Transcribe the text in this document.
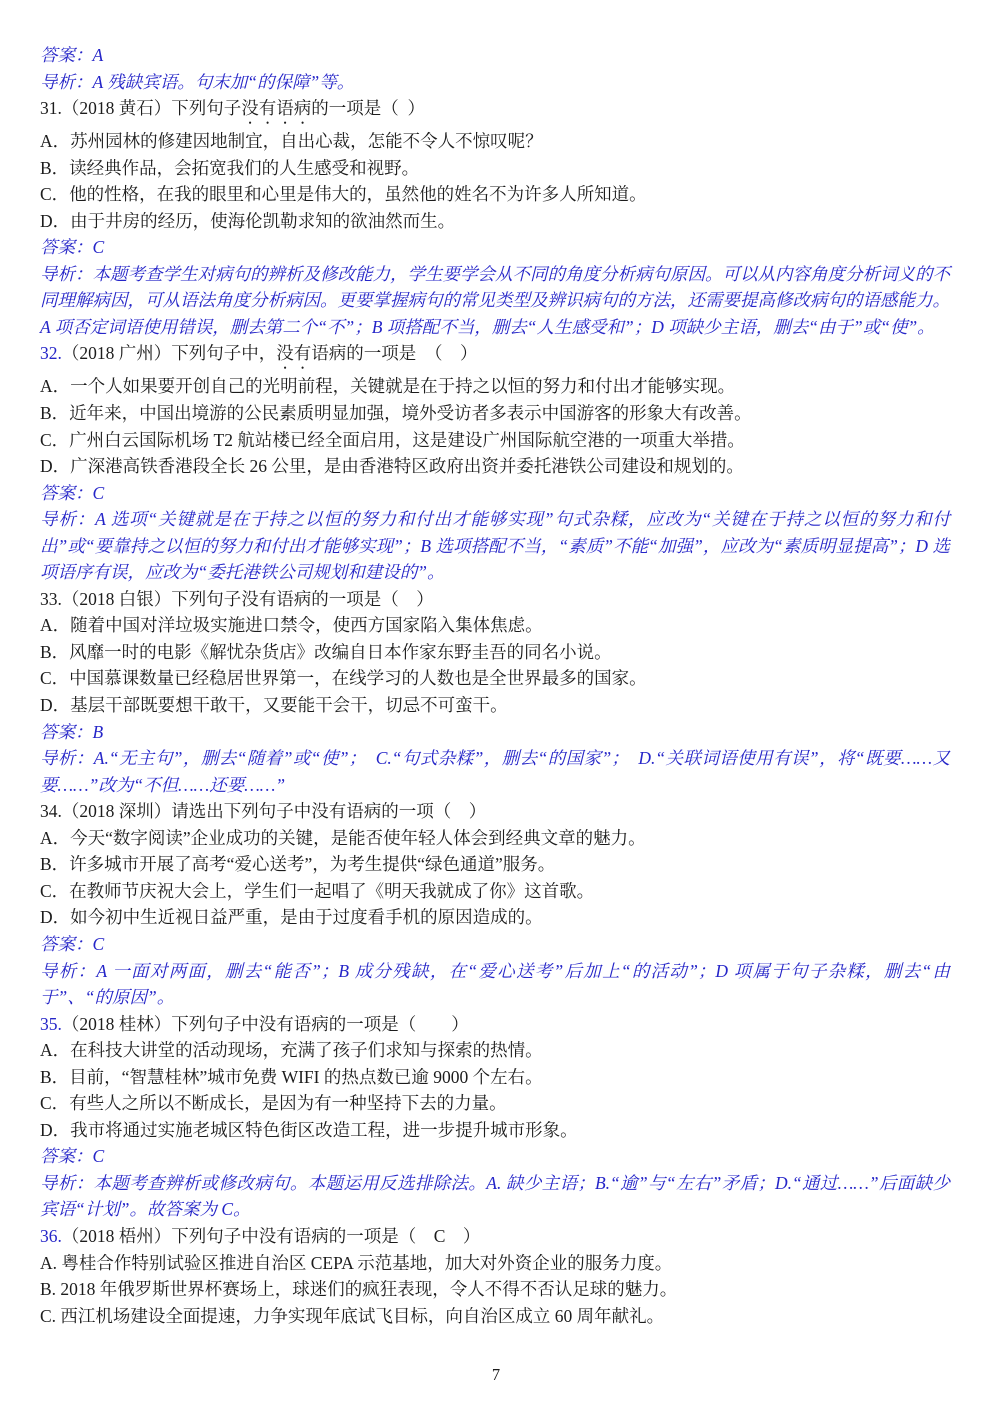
答案：A

导析：A 残缺宾语。句末加“的保障”等。

31.（2018 黄石）下列句子没有语病的一项是（  ）

A．苏州园林的修建因地制宜，自出心裁，怎能不令人不惊叹呢？

B．读经典作品，会拓宽我们的人生感受和视野。

C．他的性格，在我的眼里和心里是伟大的，虽然他的姓名不为许多人所知道。

D．由于井房的经历，使海伦凯勒求知的欲油然而生。

答案：C

导析：本题考查学生对病句的辨析及修改能力，学生要学会从不同的角度分析病句原因。可以从内容角度分析词义的不同理解病因，可从语法角度分析病因。更要掌握病句的常见类型及辨识病句的方法，还需要提高修改病句的语感能力。A 项否定词语使用错误，删去第二个“不”；B 项搭配不当，删去“人生感受和”；D 项缺少主语，删去“由于”或“使”。

32.（2018 广州）下列句子中，没有语病的一项是　（　）

A．一个人如果要开创自己的光明前程，关键就是在于持之以恒的努力和付出才能够实现。

B．近年来，中国出境游的公民素质明显加强，境外受访者多表示中国游客的形象大有改善。

C．广州白云国际机场 T2 航站楼已经全面启用，这是建设广州国际航空港的一项重大举措。

D．广深港高铁香港段全长 26 公里，是由香港特区政府出资并委托港铁公司建设和规划的。

答案：C

导析：A 选项“关键就是在于持之以恒的努力和付出才能够实现”句式杂糅，应改为“关键在于持之以恒的努力和付出”或“要靠持之以恒的努力和付出才能够实现”；B 选项搭配不当，“素质”不能“加强”，应改为“素质明显提高”；D 选项语序有误，应改为“委托港铁公司规划和建设的”。

33.（2018 白银）下列句子没有语病的一项是（　）

A．随着中国对洋垃圾实施进口禁令，使西方国家陷入集体焦虑。

B．风靡一时的电影《解忧杂货店》改编自日本作家东野圭吾的同名小说。

C．中国慕课数量已经稳居世界第一，在线学习的人数也是全世界最多的国家。

D．基层干部既要想干敢干，又要能干会干，切忌不可蛮干。

答案：B

导析：A.“无主句”，删去“随着”或“使”；  C.“句式杂糅”，删去“的国家”；  D.“关联词语使用有误”，将“既要……又要……”改为“不但……还要……”

34.（2018 深圳）请选出下列句子中没有语病的一项（　）

A．今天“数字阅读”企业成功的关键，是能否使年轻人体会到经典文章的魅力。

B．许多城市开展了高考“爱心送考”，为考生提供“绿色通道”服务。

C．在教师节庆祝大会上，学生们一起唱了《明天我就成了你》这首歌。

D．如今初中生近视日益严重，是由于过度看手机的原因造成的。

答案：C

导析：A 一面对两面，删去“能否”；B 成分残缺，在“爱心送考”后加上“的活动”；D 项属于句子杂糅，删去“由于”、“的原因”。

35.（2018 桂林）下列句子中没有语病的一项是（　　）

A．在科技大讲堂的活动现场，充满了孩子们求知与探索的热情。

B．目前，“智慧桂林”城市免费 WIFI 的热点数已逾 9000 个左右。

C．有些人之所以不断成长，是因为有一种坚持下去的力量。

D．我市将通过实施老城区特色街区改造工程，进一步提升城市形象。

答案：C

导析：本题考查辨析或修改病句。本题运用反选排除法。A. 缺少主语；B.“逾”与“左右”矛盾；D.“通过……”后面缺少宾语“计划”。故答案为 C。

36.（2018 梧州）下列句子中没有语病的一项是（　C　）

A. 粤桂合作特别试验区推进自治区 CEPA 示范基地，加大对外资企业的服务力度。

B. 2018 年俄罗斯世界杯赛场上，球迷们的疯狂表现，令人不得不否认足球的魅力。

C. 西江机场建设全面提速，力争实现年底试飞目标，向自治区成立 60 周年献礼。

7
